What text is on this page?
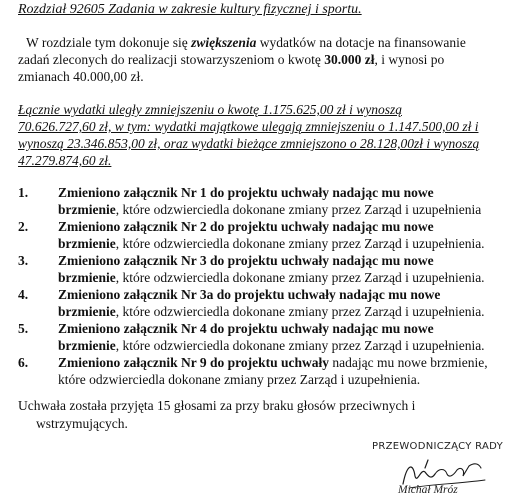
Rozdział 92605 Zadania w zakresie kultury fizycznej i sportu.
W rozdziale tym dokonuje się zwiększenia wydatków na dotacje na finansowanie
zadań zleconych do realizacji stowarzyszeniom o kwotę 30.000 zł, i wynosi po
zmianach 40.000,00 zł.
Łącznie wydatki uległy zmniejszeniu o kwotę 1.175.625,00 zł i wynoszą
70.626.727,60 zł, w tym: wydatki majątkowe ulegają zmniejszeniu o 1.147.500,00 zł i
wynoszą 23.346.853,00 zł, oraz wydatki bieżące zmniejszono o 28.128,00zł i wynoszą
47.279.874,60 zł.
1. Zmieniono załącznik Nr 1 do projektu uchwały nadając mu nowe
brzmienie, które odzwierciedla dokonane zmiany przez Zarząd i uzupełnienia
2. Zmieniono załącznik Nr 2 do projektu uchwały nadając mu nowe
brzmienie, które odzwierciedla dokonane zmiany przez Zarząd i uzupełnienia.
3. Zmieniono załącznik Nr 3 do projektu uchwały nadając mu nowe
brzmienie, które odzwierciedla dokonane zmiany przez Zarząd i uzupełnienia.
4. Zmieniono załącznik Nr 3a do projektu uchwały nadając mu nowe
brzmienie, które odzwierciedla dokonane zmiany przez Zarząd i uzupełnienia.
5. Zmieniono załącznik Nr 4 do projektu uchwały nadając mu nowe
brzmienie, które odzwierciedla dokonane zmiany przez Zarząd i uzupełnienia.
6. Zmieniono załącznik Nr 9 do projektu uchwały nadając mu nowe brzmienie,
które odzwierciedla dokonane zmiany przez Zarząd i uzupełnienia.
Uchwała została przyjęta 15 głosami za przy braku głosów przeciwnych i
wstrzymujących.
PRZEWODNICZĄCY RADY
Michał Mróz
